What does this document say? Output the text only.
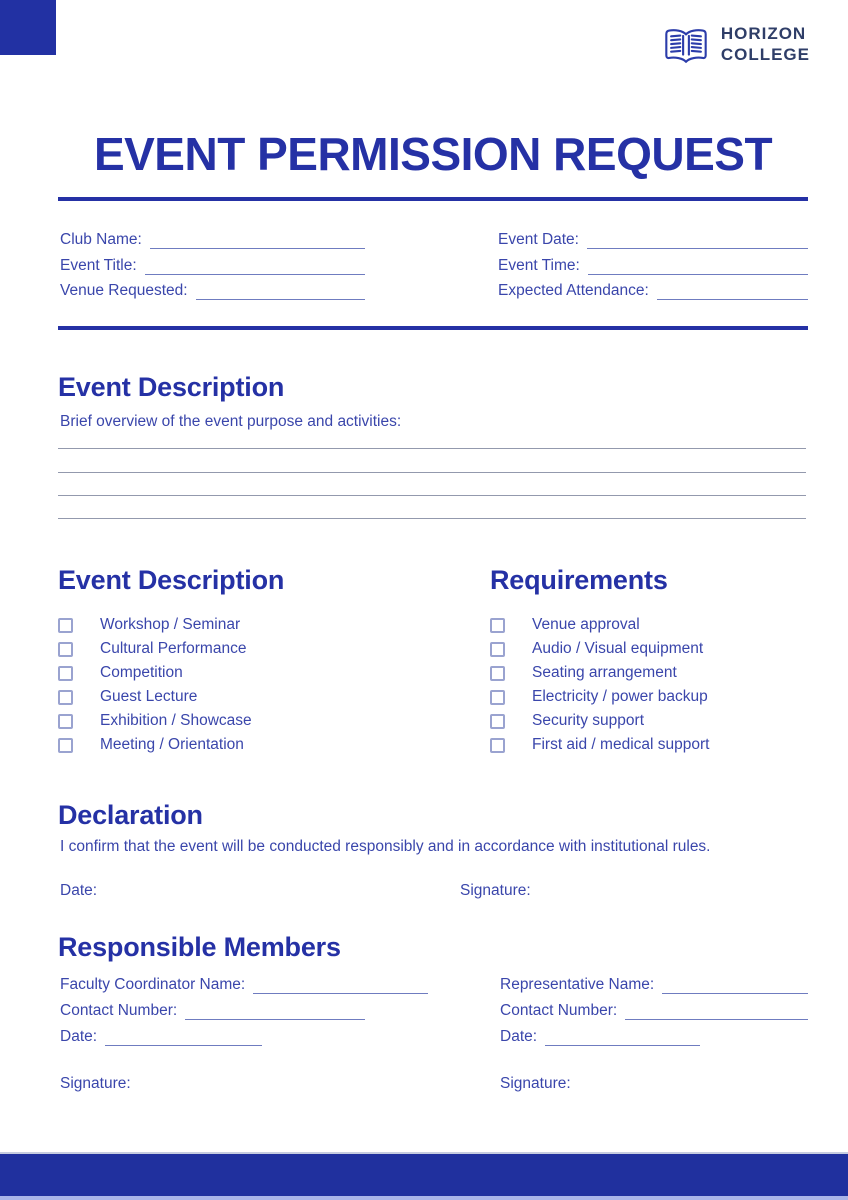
HORIZON
COLLEGE
EVENT PERMISSION REQUEST
Club Name:
Event Title:
Venue Requested:
Event Date:
Event Time:
Expected Attendance:
Event Description
Brief overview of the event purpose and activities:
Event Description
Workshop / Seminar
Cultural Performance
Competition
Guest Lecture
Exhibition / Showcase
Meeting / Orientation
Requirements
Venue approval
Audio / Visual equipment
Seating arrangement
Electricity / power backup
Security support
First aid / medical support
Declaration
I confirm that the event will be conducted responsibly and in accordance with institutional rules.
Date:	Signature:
Responsible Members
Faculty Coordinator Name:
Contact Number:
Date:
Representative Name:
Contact Number:
Date:
Signature:	Signature:
